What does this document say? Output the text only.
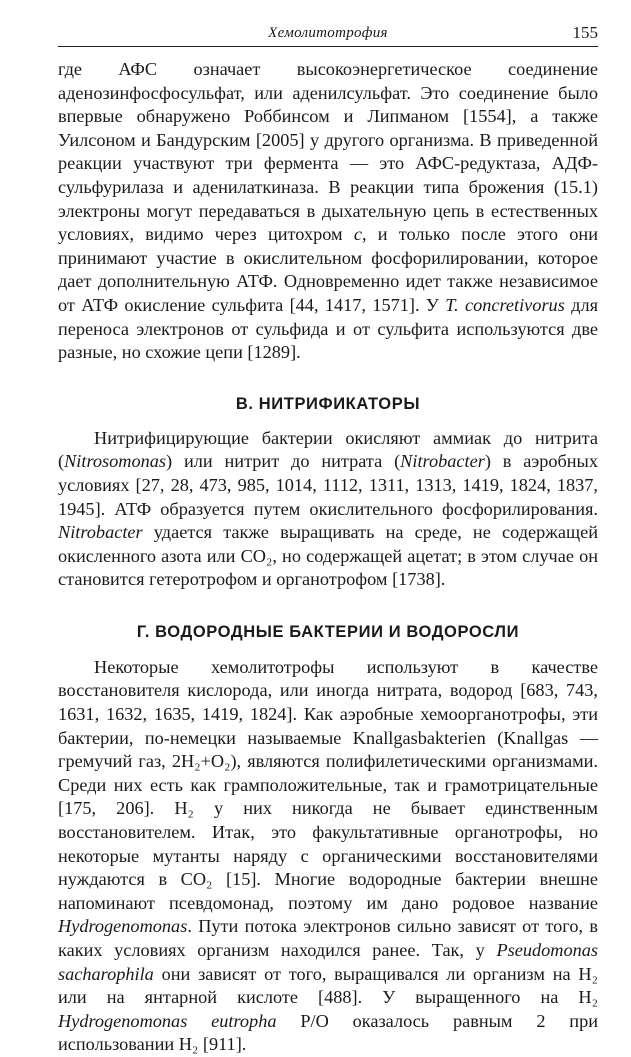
Хемолитотрофия	155

где АФС означает высокоэнергетическое соединение аденозинфосфосульфат, или аденилсульфат. Это соединение было впервые обнаружено Роббинсом и Липманом [1554], а также Уилсоном и Бандурским [2005] у другого организма. В приведенной реакции участвуют три фермента — это АФС-редуктаза, АДФ-сульфурилаза и аденилаткиназа. В реакции типа брожения (15.1) электроны могут передаваться в дыхательную цепь в естественных условиях, видимо через цитохром c, и только после этого они принимают участие в окислительном фосфорилировании, которое дает дополнительную АТФ. Одновременно идет также независимое от АТФ окисление сульфита [44, 1417, 1571]. У T. concretivorus для переноса электронов от сульфида и от сульфита используются две разные, но схожие цепи [1289].

В. НИТРИФИКАТОРЫ

Нитрифицирующие бактерии окисляют аммиак до нитрита (Nitrosomonas) или нитрит до нитрата (Nitrobacter) в аэробных условиях [27, 28, 473, 985, 1014, 1112, 1311, 1313, 1419, 1824, 1837, 1945]. АТФ образуется путем окислительного фосфорилирования. Nitrobacter удается также выращивать на среде, не содержащей окисленного азота или CO₂, но содержащей ацетат; в этом случае он становится гетеротрофом и органотрофом [1738].

Г. ВОДОРОДНЫЕ БАКТЕРИИ И ВОДОРОСЛИ

Некоторые хемолитотрофы используют в качестве восстановителя кислорода, или иногда нитрата, водород [683, 743, 1631, 1632, 1635, 1419, 1824]. Как аэробные хемоорганотрофы, эти бактерии, по-немецки называемые Knallgasbakterien (Knallgas — гремучий газ, 2H₂+O₂), являются полифилетическими организмами. Среди них есть как грамположительные, так и грамотрицательные [175, 206]. H₂ у них никогда не бывает единственным восстановителем. Итак, это факультативные органотрофы, но некоторые мутанты наряду с органическими восстановителями нуждаются в CO₂ [15]. Многие водородные бактерии внешне напоминают псевдомонад, поэтому им дано родовое название Hydrogenomonas. Пути потока электронов сильно зависят от того, в каких условиях организм находился ранее. Так, у Pseudomonas sacharophila они зависят от того, выращивался ли организм на H₂ или на янтарной кислоте [488]. У выращенного на H₂ Hydrogenomonas eutropha P/O оказалось равным 2 при использовании H₂ [911].
